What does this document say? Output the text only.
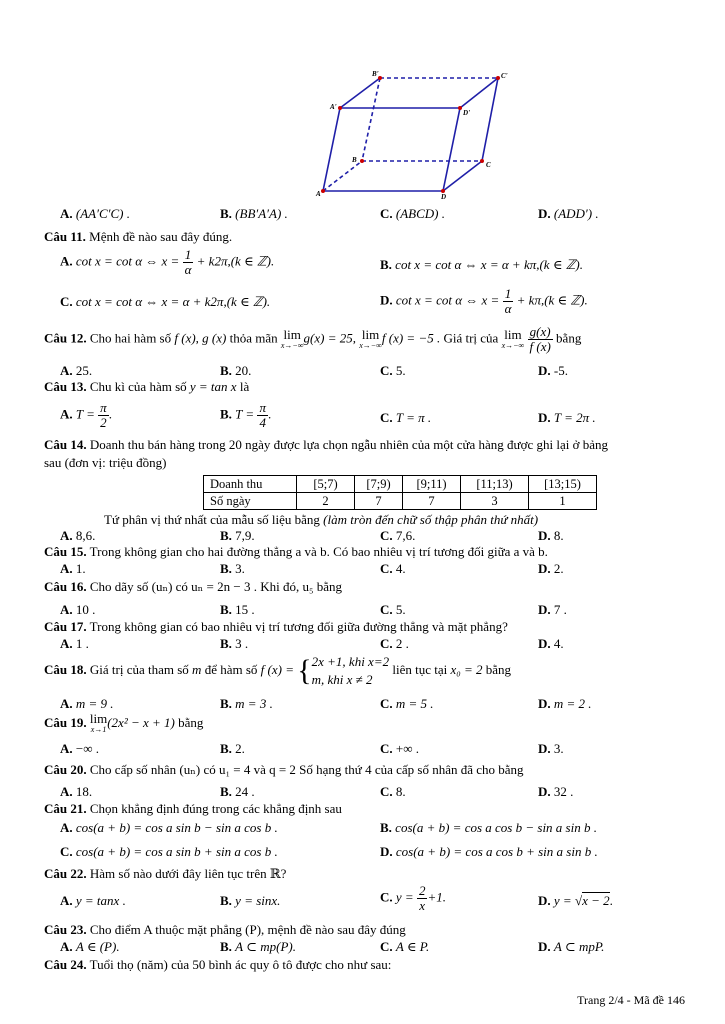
B'	C'
A'
D'
B
C
A	D
A. (AA′C′C) .	B. (BB′A′A) .	C. (ABCD) .	D. (ADD′) .
Câu 11. Mệnh đề nào sau đây đúng.
A. cot x = cot α ⇔ $x = \frac{1}{\alpha} + k2\pi,(k$ ∈ ℤ).	B. cot x = cot α ⇔ x = α + kπ,(k ∈ ℤ).
C. cot x = cot α ⇔ x = α + k2π,(k ∈ ℤ).	D. cot x = cot α ⇔ $x = \frac{1}{\alpha} + k\pi,(k$ ∈ ℤ).
Câu 12. Cho hai hàm số f (x), g (x) thỏa mãn lim
x→−∞ g(x) = 25, lim
x→−∞ f (x) = −5 . Giá trị của lim
x→−∞
$\frac{g(x)}{f (x)}$ bằng
A. 25.	B. 20.	C. 5.	D. -5.
Câu 13. Chu kì của hàm số y = tan x là
A. $T = \frac{\pi}{2}$ .	B. $T = \frac{\pi}{4}$ .	C. T = π .	D. T = 2π .
Câu 14. Doanh thu bán hàng trong 20 ngày được lựa chọn ngẫu nhiên của một cửa hàng được ghi lại ở bảng
sau (đơn vị: triệu đồng)
Doanh thu	[5;7)	[7;9)	[9;11)	[11;13)	[13;15)
Số ngày	2	7	7	3	1
Tứ phân vị thứ nhất của mẫu số liệu bằng (làm tròn đến chữ số thập phân thứ nhất)
A. 8,6.	B. 7,9.	C. 7,6.	D. 8.
Câu 15. Trong không gian cho hai đường thẳng a và b. Có bao nhiêu vị trí tương đối giữa a và b.
A. 1.	B. 3.	C. 4.	D. 2.
Câu 16. Cho dãy số (uₙ) có uₙ = 2n − 3 . Khi đó, u₅ bằng
A. 10 .	B. 15 .	C. 5.	D. 7 .
Câu 17. Trong không gian có bao nhiêu vị trí tương đối giữa đường thẳng và mặt phẳng?
A. 1 .	B. 3 .	C. 2 .	D. 4.
Câu 18. Giá trị của tham số m để hàm số f (x) = { 2x +1, khi x=2
m, khi x ≠ 2
liên tục tại x₀ = 2 bằng
A. m = 9 .	B. m = 3 .	C. m = 5 .	D. m = 2 .
Câu 19. lim
x→1 (2x² − x + 1) bằng
A. −∞ .	B. 2.	C. +∞ .	D. 3.
Câu 20. Cho cấp số nhân (uₙ) có u₁ = 4 và q = 2 Số hạng thứ 4 của cấp số nhân đã cho bằng
A. 18.	B. 24 .	C. 8.	D. 32 .
Câu 21. Chọn khẳng định đúng trong các khẳng định sau
A. cos(a + b) = cos a sin b − sin a cos b .	B. cos(a + b) = cos a cos b − sin a sin b .
C. cos(a + b) = cos a sin b + sin a cos b .	D. cos(a + b) = cos a cos b + sin a sin b .
Câu 22. Hàm số nào dưới đây liên tục trên ℝ?
A. y = tanx .	B. y = sinx.	C. $y = \frac{2}{x} +1$.	D. y = √x − 2.
Câu 23. Cho điểm A thuộc mặt phẳng (P), mệnh đề nào sau đây đúng
A. A ∈ (P).	B. A ⊂ mp(P).	C. A ∈ P.	D. A ⊂ mpP.
Câu 24. Tuổi thọ (năm) của 50 bình ác quy ô tô được cho như sau:
Trang 2/4 - Mã đề 146
